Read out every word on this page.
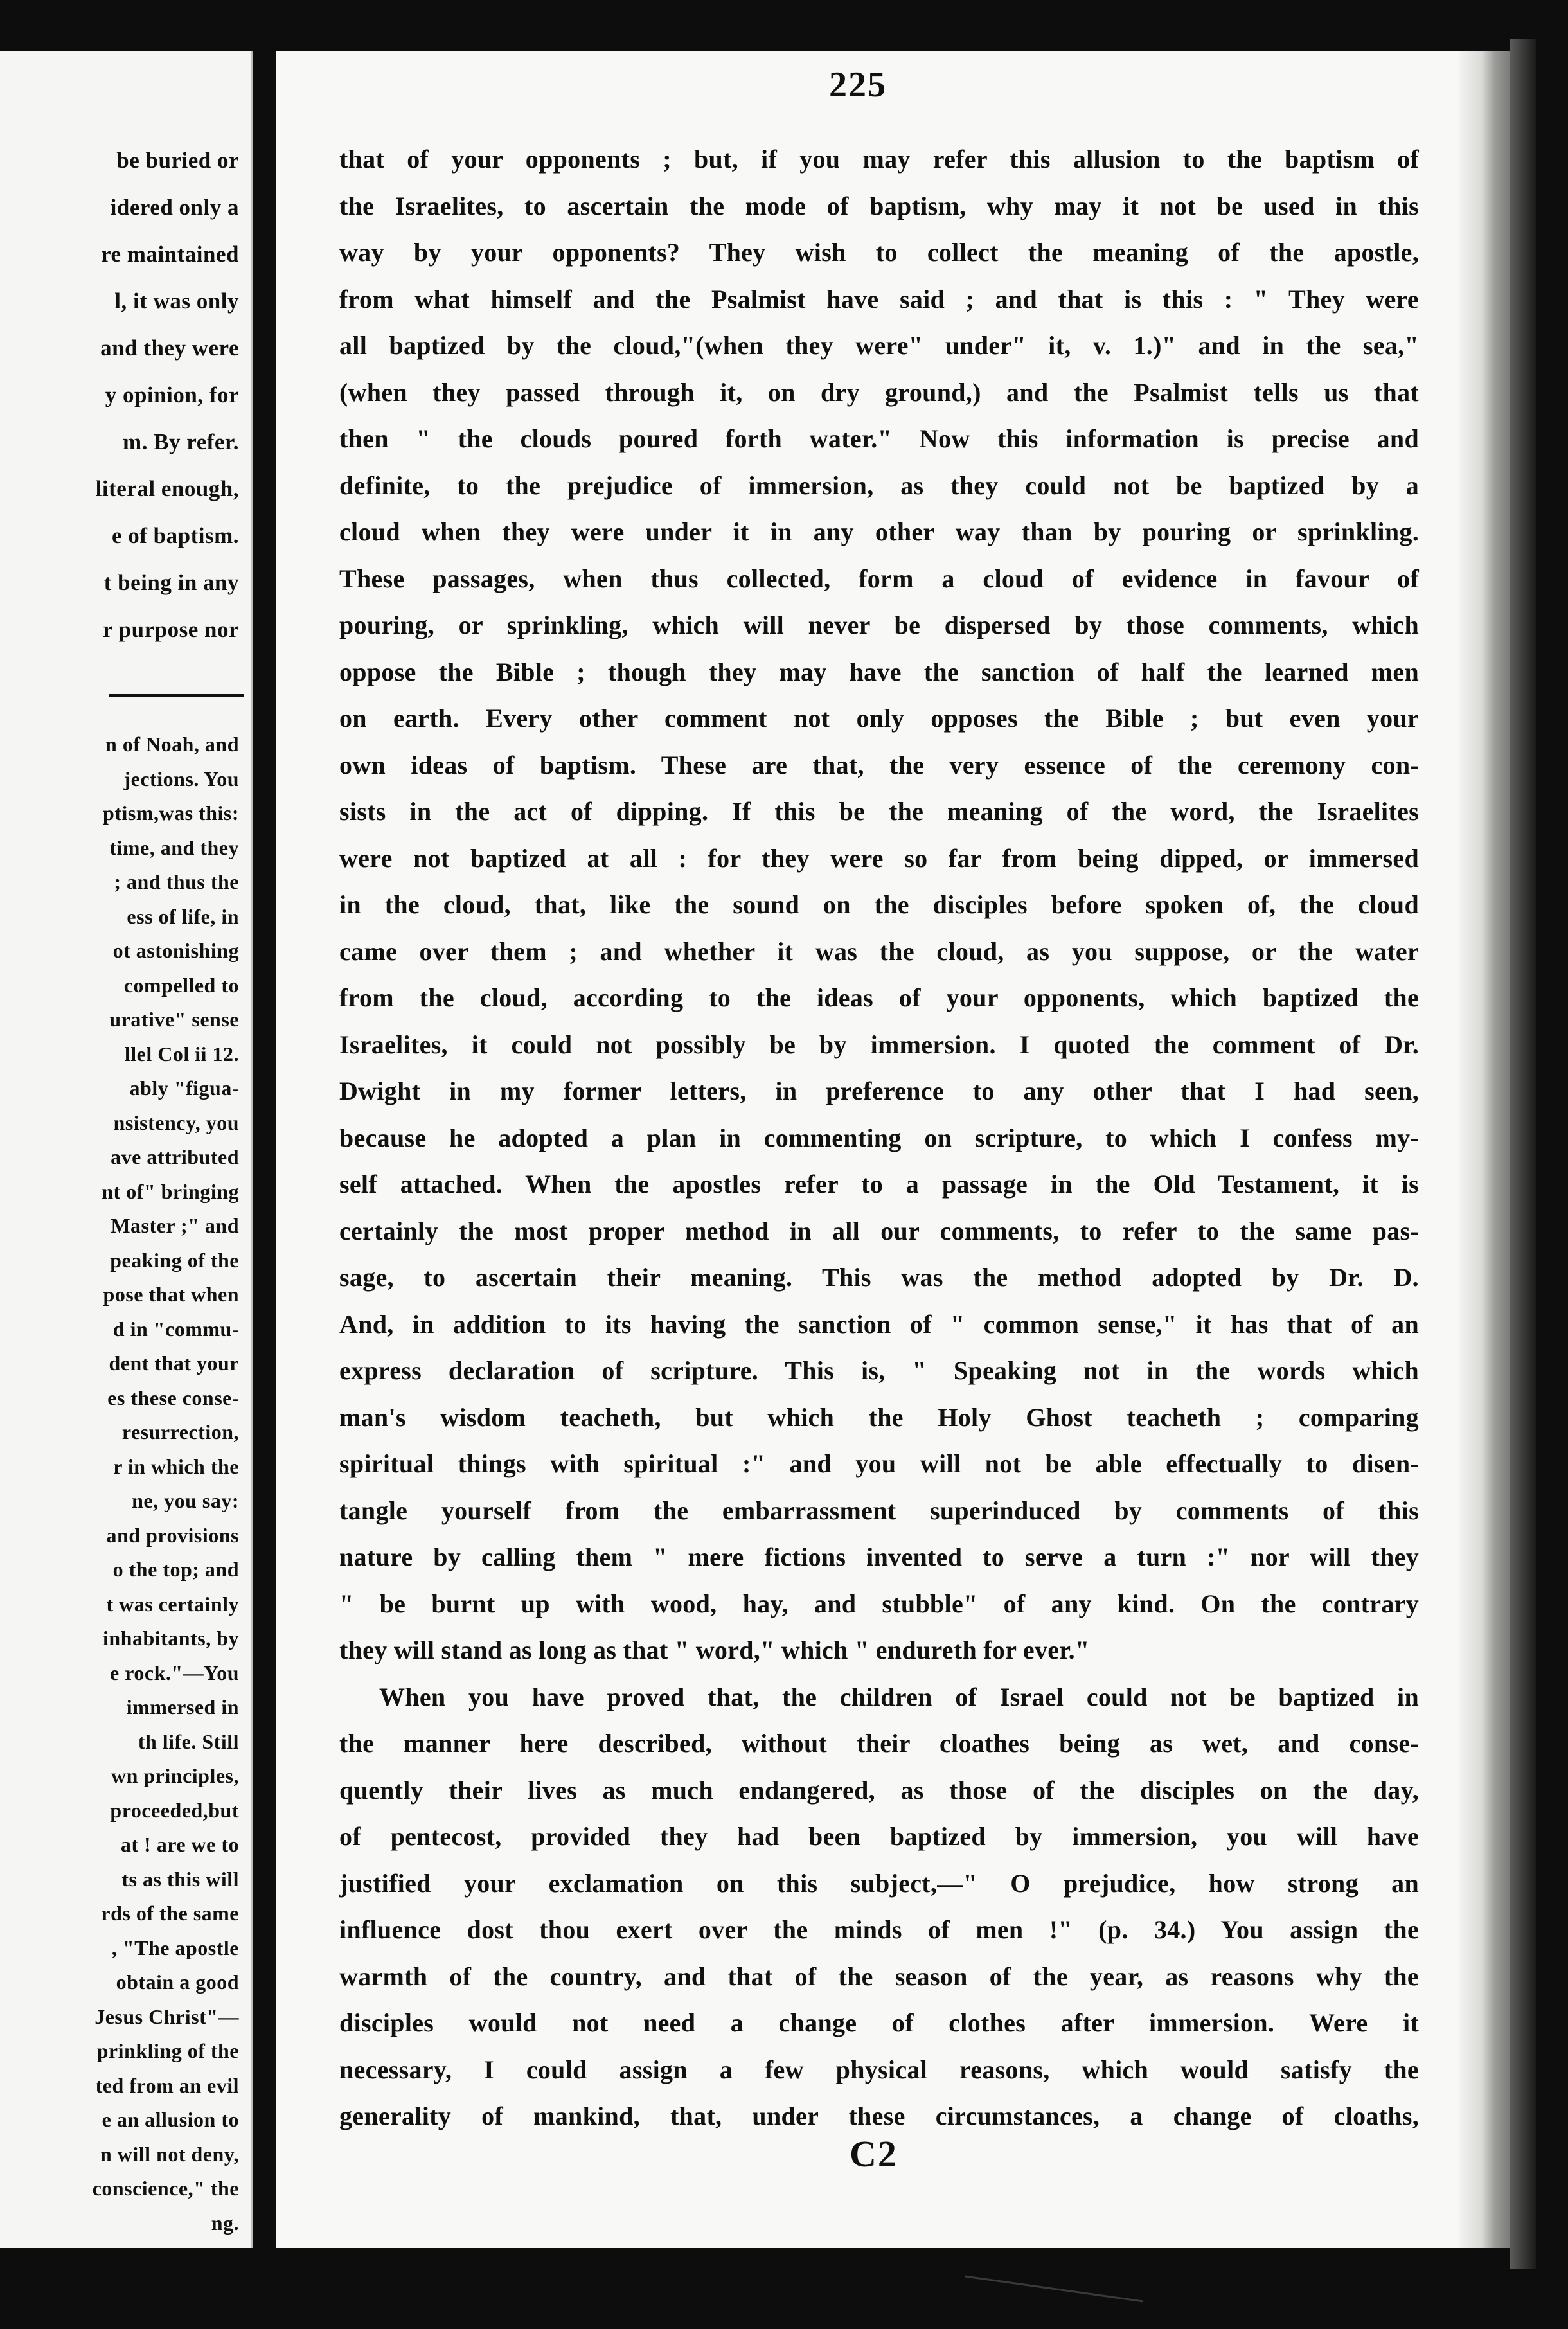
be buried or
idered only a
re maintained
l, it was only
and they were
y opinion, for
m. By refer.
literal enough,
e of baptism.
t being in any
r purpose nor
n of Noah, and
jections. You
ptism,was this:
time, and they
; and thus the
ess of life, in
ot astonishing
compelled to
urative" sense
llel Col ii 12.
ably "figua-
nsistency, you
ave attributed
nt of" bringing
Master ;" and
peaking of the
pose that when
d in "commu-
dent that your
es these conse-
resurrection,
r in which the
ne, you say:
and provisions
o the top; and
t was certainly
inhabitants, by
e rock."—You
immersed in
th life. Still
wn principles,
proceeded,but
at ! are we to
ts as this will
rds of the same
, "The apostle
obtain a good
Jesus Christ"—
prinkling of the
ted from an evil
e an allusion to
n will not deny,
conscience," the
ng.
225
that of your opponents ; but, if you may refer this allusion to the baptism of
the Israelites, to ascertain the mode of baptism, why may it not be used in this
way by your opponents? They wish to collect the meaning of the apostle,
from what himself and the Psalmist have said ; and that is this : " They were
all baptized by the cloud,"(when they were" under" it, v. 1.)" and in the sea,"
(when they passed through it, on dry ground,) and the Psalmist tells us that
then " the clouds poured forth water." Now this information is precise and
definite, to the prejudice of immersion, as they could not be baptized by a
cloud when they were under it in any other way than by pouring or sprinkling.
These passages, when thus collected, form a cloud of evidence in favour of
pouring, or sprinkling, which will never be dispersed by those comments, which
oppose the Bible ; though they may have the sanction of half the learned men
on earth. Every other comment not only opposes the Bible ; but even your
own ideas of baptism. These are that, the very essence of the ceremony con-
sists in the act of dipping. If this be the meaning of the word, the Israelites
were not baptized at all : for they were so far from being dipped, or immersed
in the cloud, that, like the sound on the disciples before spoken of, the cloud
came over them ; and whether it was the cloud, as you suppose, or the water
from the cloud, according to the ideas of your opponents, which baptized the
Israelites, it could not possibly be by immersion. I quoted the comment of Dr.
Dwight in my former letters, in preference to any other that I had seen,
because he adopted a plan in commenting on scripture, to which I confess my-
self attached. When the apostles refer to a passage in the Old Testament, it is
certainly the most proper method in all our comments, to refer to the same pas-
sage, to ascertain their meaning. This was the method adopted by Dr. D.
And, in addition to its having the sanction of " common sense," it has that of an
express declaration of scripture. This is, " Speaking not in the words which
man's wisdom teacheth, but which the Holy Ghost teacheth ; comparing
spiritual things with spiritual :" and you will not be able effectually to disen-
tangle yourself from the embarrassment superinduced by comments of this
nature by calling them " mere fictions invented to serve a turn :" nor will they
" be burnt up with wood, hay, and stubble" of any kind. On the contrary
they will stand as long as that " word," which " endureth for ever."
When you have proved that, the children of Israel could not be baptized in
the manner here described, without their cloathes being as wet, and conse-
quently their lives as much endangered, as those of the disciples on the day,
of pentecost, provided they had been baptized by immersion, you will have
justified your exclamation on this subject,—" O prejudice, how strong an
influence dost thou exert over the minds of men !" (p. 34.) You assign the
warmth of the country, and that of the season of the year, as reasons why the
disciples would not need a change of clothes after immersion. Were it
necessary, I could assign a few physical reasons, which would satisfy the
generality of mankind, that, under these circumstances, a change of cloaths,
C2
